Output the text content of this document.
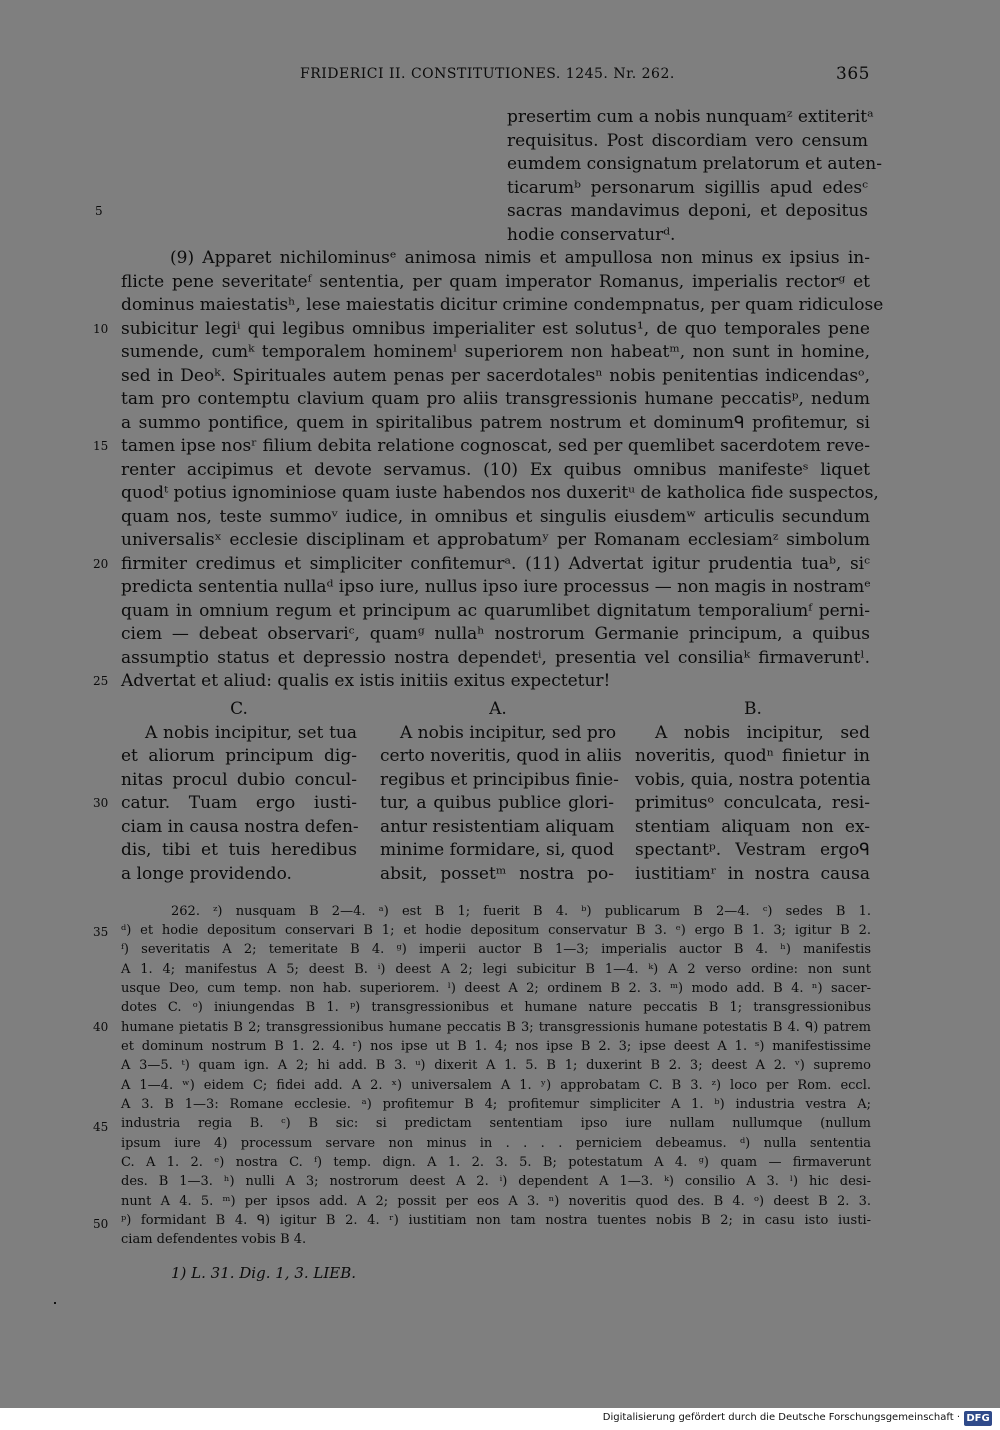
FRIDERICI II. CONSTITUTIONES. 1245. Nr. 262.	365
presertim cum a nobis nunquamᶻ extiteritᵃ
requisitus. Post discordiam vero censum
eumdem consignatum prelatorum et auten-
ticarumᵇ personarum sigillis apud edesᶜ
sacras mandavimus deponi, et depositus
hodie conservaturᵈ.
(9) Apparet nichilominusᵉ animosa nimis et ampullosa non minus ex ipsius in-
flicte pene severitateᶠ sententia, per quam imperator Romanus, imperialis rectorᵍ et
dominus maiestatisʰ, lese maiestatis dicitur crimine condempnatus, per quam ridiculose
subicitur legiⁱ qui legibus omnibus imperialiter est solutus¹, de quo temporales pene
sumende, cumᵏ temporalem hominemˡ superiorem non habeatᵐ, non sunt in homine,
sed in Deoᵏ. Spirituales autem penas per sacerdotalesⁿ nobis penitentias indicendasᵒ,
tam pro contemptu clavium quam pro aliis transgressionis humane peccatisᵖ, nedum
a summo pontifice, quem in spiritalibus patrem nostrum et dominumᑫ profitemur, si
tamen ipse nosʳ filium debita relatione cognoscat, sed per quemlibet sacerdotem reve-
renter accipimus et devote servamus. (10) Ex quibus omnibus manifesteˢ liquet
quodᵗ potius ignominiose quam iuste habendos nos duxeritᵘ de katholica fide suspectos,
quam nos, teste summoᵛ iudice, in omnibus et singulis eiusdemʷ articulis secundum
universalisˣ ecclesie disciplinam et approbatumʸ per Romanam ecclesiamᶻ simbolum
firmiter credimus et simpliciter confitemurᵃ. (11) Advertat igitur prudentia tuaᵇ, siᶜ
predicta sententia nullaᵈ ipso iure, nullus ipso iure processus — non magis in nostramᵉ
quam in omnium regum et principum ac quarumlibet dignitatum temporaliumᶠ perni-
ciem — debeat observariᶜ, quamᵍ nullaʰ nostrorum Germanie principum, a quibus
assumptio status et depressio nostra dependetⁱ, presentia vel consiliaᵏ firmaveruntˡ.
Advertat et aliud: qualis ex istis initiis exitus expectetur!
C.	A.	B.
A nobis incipitur, set tua
et aliorum principum dig-
nitas procul dubio concul-
catur. Tuam ergo iusti-
ciam in causa nostra defen-
dis, tibi et tuis heredibus
a longe providendo.
A nobis incipitur, sed pro
certo noveritis, quod in aliis
regibus et principibus finie-
tur, a quibus publice glori-
antur resistentiam aliquam
minime formidare, si, quod
absit, possetᵐ nostra po-
A nobis incipitur, sed
noveritis, quodⁿ finietur in
vobis, quia, nostra potentia
primitusᵒ conculcata, resi-
stentiam aliquam non ex-
spectantᵖ. Vestram ergoᑫ
iustitiamʳ in nostra causa
5
10
15
20
25
30
35
40
45
50
262. ᶻ) nusquam B 2—4. ᵃ) est B 1; fuerit B 4. ᵇ) publicarum B 2—4. ᶜ) sedes B 1.
ᵈ) et hodie depositum conservari B 1; et hodie depositum conservatur B 3. ᵉ) ergo B 1. 3; igitur B 2.
ᶠ) severitatis A 2; temeritate B 4. ᵍ) imperii auctor B 1—3; imperialis auctor B 4. ʰ) manifestis
A 1. 4; manifestus A 5; deest B. ⁱ) deest A 2; legi subicitur B 1—4. ᵏ) A 2 verso ordine: non sunt
usque Deo, cum temp. non hab. superiorem. ˡ) deest A 2; ordinem B 2. 3. ᵐ) modo add. B 4. ⁿ) sacer-
dotes C. ᵒ) iniungendas B 1. ᵖ) transgressionibus et humane nature peccatis B 1; transgressionibus
humane pietatis B 2; transgressionibus humane peccatis B 3; transgressionis humane potestatis B 4. ᑫ) patrem
et dominum nostrum B 1. 2. 4. ʳ) nos ipse ut B 1. 4; nos ipse B 2. 3; ipse deest A 1. ˢ) manifestissime
A 3—5. ᵗ) quam ign. A 2; hi add. B 3. ᵘ) dixerit A 1. 5. B 1; duxerint B 2. 3; deest A 2. ᵛ) supremo
A 1—4. ʷ) eidem C; fidei add. A 2. ˣ) universalem A 1. ʸ) approbatam C. B 3. ᶻ) loco per Rom. eccl.
A 3. B 1—3: Romane ecclesie. ᵃ) profitemur B 4; profitemur simpliciter A 1. ᵇ) industria vestra A;
industria regia B. ᶜ) B sic: si predictam sententiam ipso iure nullam nullumque (nullum
ipsum iure 4) processum servare non minus in . . . . perniciem debeamus. ᵈ) nulla sententia
C. A 1. 2. ᵉ) nostra C. ᶠ) temp. dign. A 1. 2. 3. 5. B; potestatum A 4. ᵍ) quam — firmaverunt
des. B 1—3. ʰ) nulli A 3; nostrorum deest A 2. ⁱ) dependent A 1—3. ᵏ) consilio A 3. ˡ) hic desi-
nunt A 4. 5. ᵐ) per ipsos add. A 2; possit per eos A 3. ⁿ) noveritis quod des. B 4. ᵒ) deest B 2. 3.
ᵖ) formidant B 4. ᑫ) igitur B 2. 4. ʳ) iustitiam non tam nostra tuentes nobis B 2; in casu isto iusti-
ciam defendentes vobis B 4.
1) L. 31. Dig. 1, 3. LIEB.
Digitalisierung gefördert durch die Deutsche Forschungsgemeinschaft · DFG
